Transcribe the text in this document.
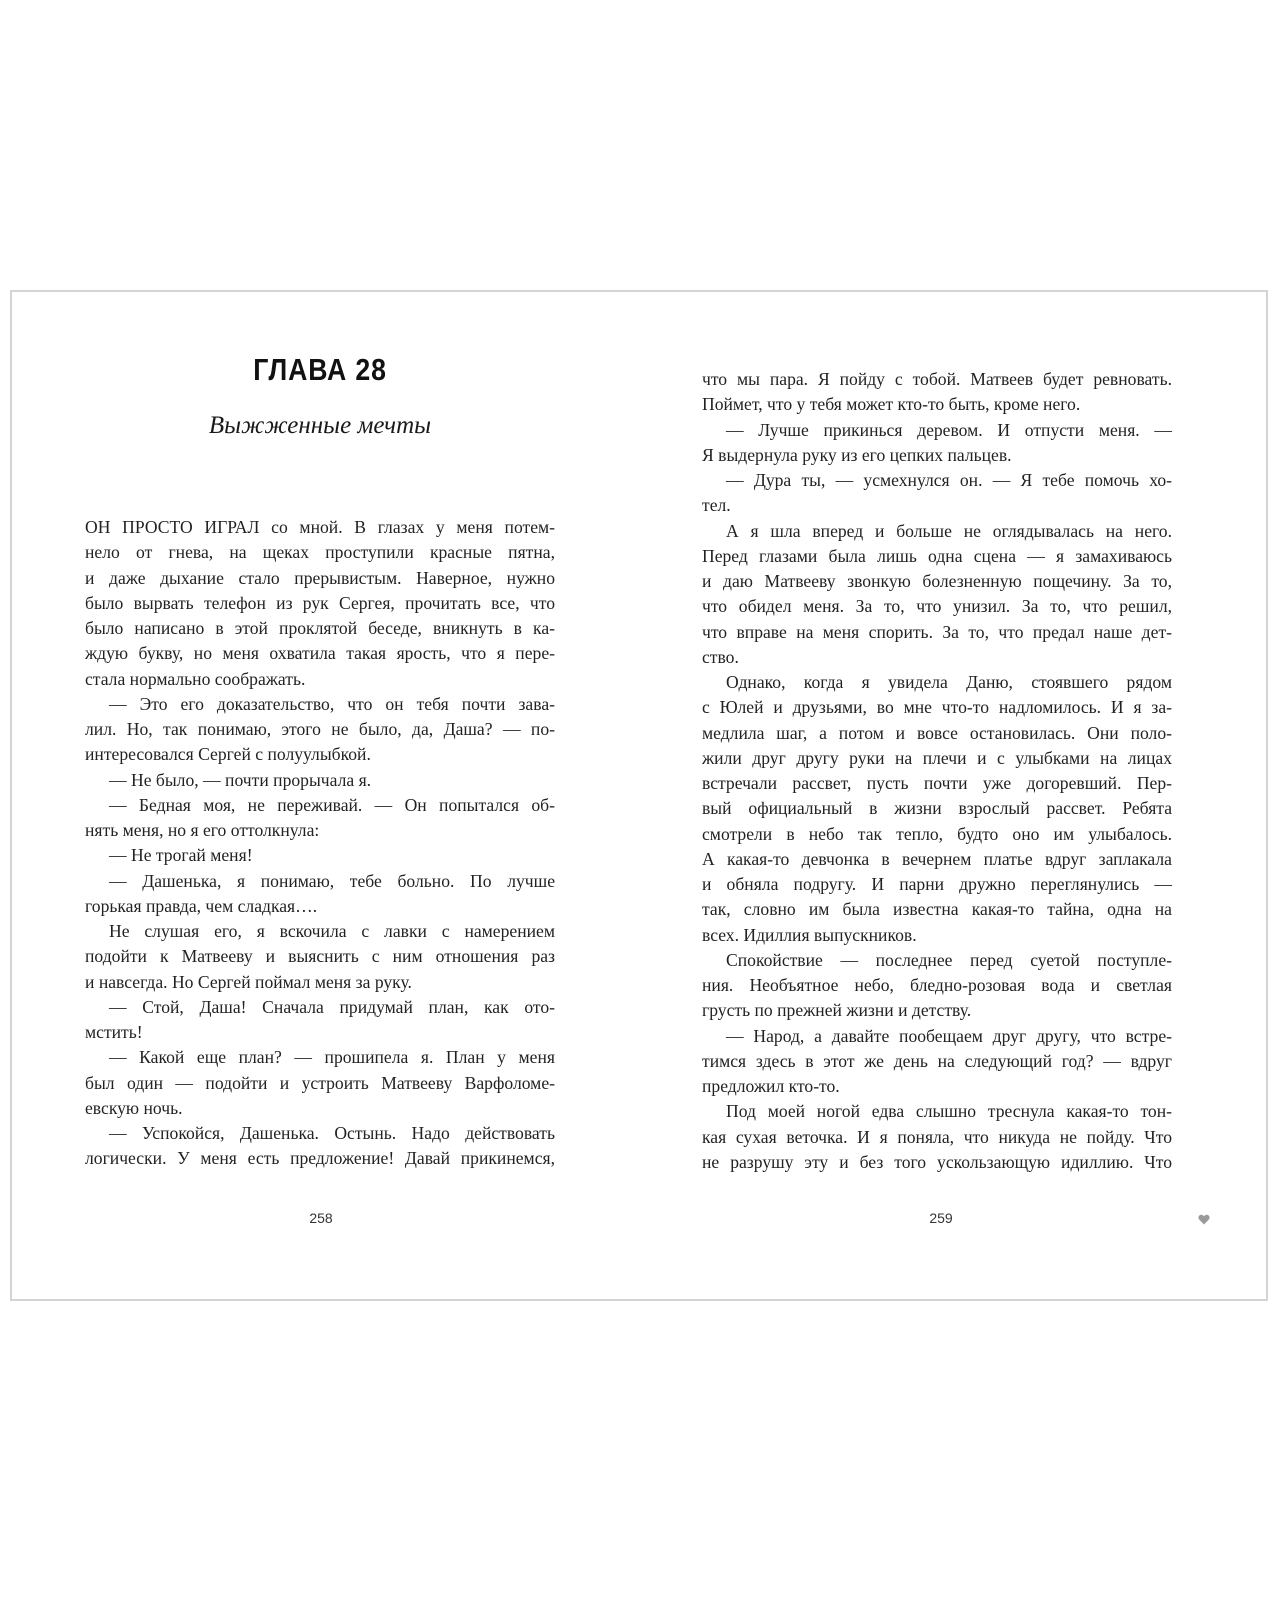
ГЛАВА 28
Выжженные мечты
ОН ПРОСТО ИГРАЛ со мной. В глазах у меня потем-
нело от гнева, на щеках проступили красные пятна,
и даже дыхание стало прерывистым. Наверное, нужно
было вырвать телефон из рук Сергея, прочитать все, что
было написано в этой проклятой беседе, вникнуть в ка-
ждую букву, но меня охватила такая ярость, что я пере-
стала нормально соображать.
— Это его доказательство, что он тебя почти зава-
лил. Но, так понимаю, этого не было, да, Даша? — по-
интересовался Сергей с полуулыбкой.
— Не было, — почти прорычала я.
— Бедная моя, не переживай. — Он попытался об-
нять меня, но я его оттолкнула:
— Не трогай меня!
— Дашенька, я понимаю, тебе больно. По лучше
горькая правда, чем сладкая….
Не слушая его, я вскочила с лавки с намерением
подойти к Матвееву и выяснить с ним отношения раз
и навсегда. Но Сергей поймал меня за руку.
— Стой, Даша! Сначала придумай план, как ото-
мстить!
— Какой еще план? — прошипела я. План у меня
был один — подойти и устроить Матвееву Варфоломе-
евскую ночь.
— Успокойся, Дашенька. Остынь. Надо действовать
логически. У меня есть предложение! Давай прикинемся,
258
что мы пара. Я пойду с тобой. Матвеев будет ревновать.
Поймет, что у тебя может кто-то быть, кроме него.
— Лучше прикинься деревом. И отпусти меня. —
Я выдернула руку из его цепких пальцев.
— Дура ты, — усмехнулся он. — Я тебе помочь хо-
тел.
А я шла вперед и больше не оглядывалась на него.
Перед глазами была лишь одна сцена — я замахиваюсь
и даю Матвееву звонкую болезненную пощечину. За то,
что обидел меня. За то, что унизил. За то, что решил,
что вправе на меня спорить. За то, что предал наше дет-
ство.
Однако, когда я увидела Даню, стоявшего рядом
с Юлей и друзьями, во мне что-то надломилось. И я за-
медлила шаг, а потом и вовсе остановилась. Они поло-
жили друг другу руки на плечи и с улыбками на лицах
встречали рассвет, пусть почти уже догоревший. Пер-
вый официальный в жизни взрослый рассвет. Ребята
смотрели в небо так тепло, будто оно им улыбалось.
А какая-то девчонка в вечернем платье вдруг заплакала
и обняла подругу. И парни дружно переглянулись —
так, словно им была известна какая-то тайна, одна на
всех. Идиллия выпускников.
Спокойствие — последнее перед суетой поступле-
ния. Необъятное небо, бледно-розовая вода и светлая
грусть по прежней жизни и детству.
— Народ, а давайте пообещаем друг другу, что встре-
тимся здесь в этот же день на следующий год? — вдруг
предложил кто-то.
Под моей ногой едва слышно треснула какая-то тон-
кая сухая веточка. И я поняла, что никуда не пойду. Что
не разрушу эту и без того ускользающую идиллию. Что
259
